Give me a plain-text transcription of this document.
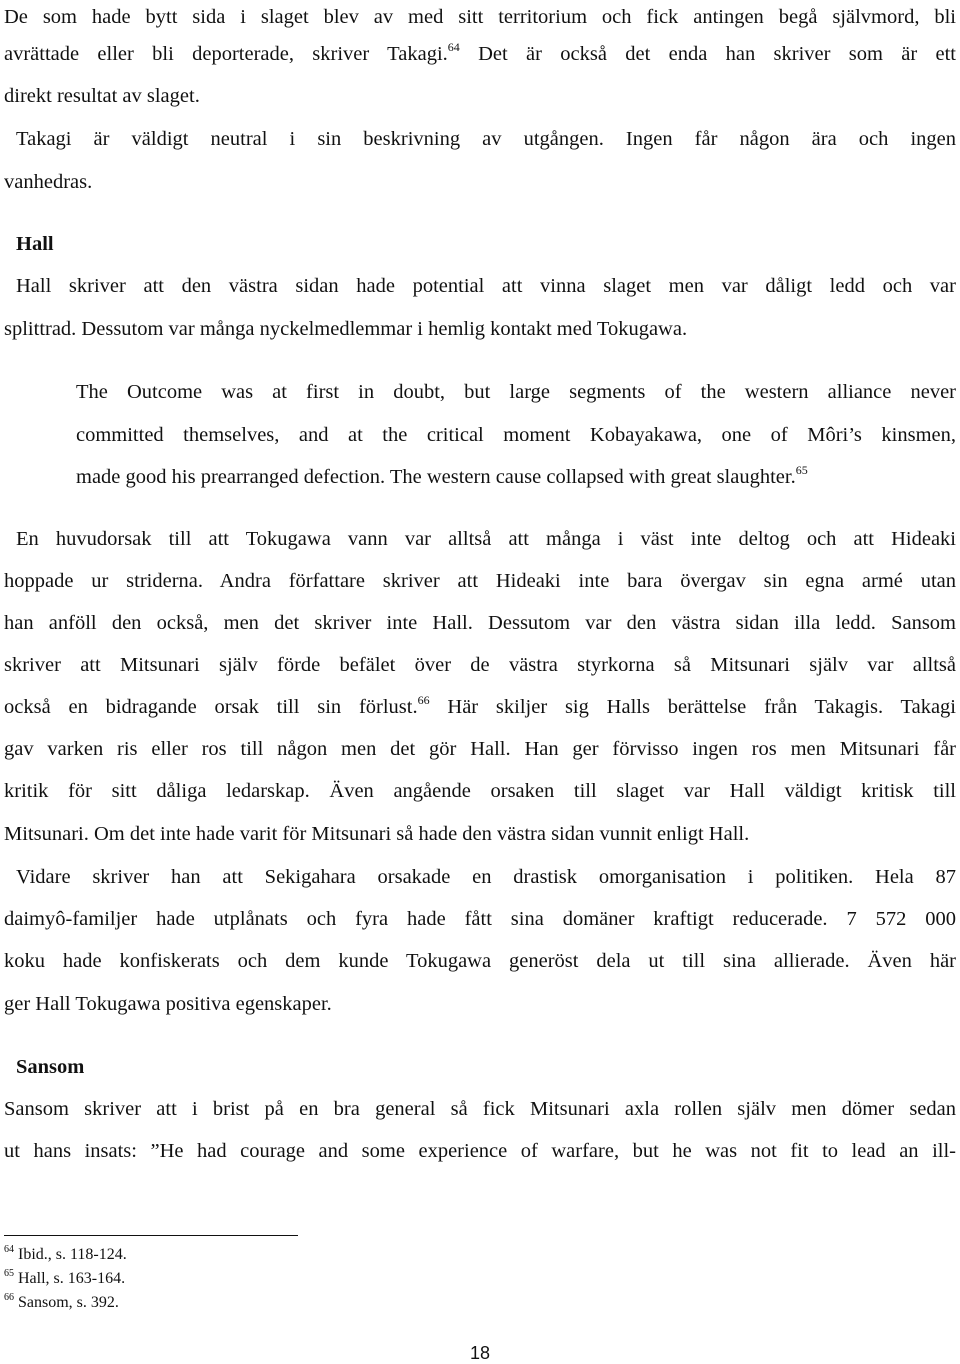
De som hade bytt sida i slaget blev av med sitt territorium och fick antingen begå självmord, bli
avrättade eller bli deporterade, skriver Takagi.$^{64}$ Det är också det enda han skriver som är ett
direkt resultat av slaget.
Takagi är väldigt neutral i sin beskrivning av utgången. Ingen får någon ära och ingen
vanhedras.
Hall
Hall skriver att den västra sidan hade potential att vinna slaget men var dåligt ledd och var
splittrad. Dessutom var många nyckelmedlemmar i hemlig kontakt med Tokugawa.
The Outcome was at first in doubt, but large segments of the western alliance never
committed themselves, and at the critical moment Kobayakawa, one of Môri’s kinsmen,
made good his prearranged defection. The western cause collapsed with great slaughter.$^{65}$
En huvudorsak till att Tokugawa vann var alltså att många i väst inte deltog och att Hideaki
hoppade ur striderna. Andra författare skriver att Hideaki inte bara övergav sin egna armé utan
han anföll den också, men det skriver inte Hall. Dessutom var den västra sidan illa ledd. Sansom
skriver att Mitsunari själv förde befälet över de västra styrkorna så Mitsunari själv var alltså
också en bidragande orsak till sin förlust.$^{66}$ Här skiljer sig Halls berättelse från Takagis. Takagi
gav varken ris eller ros till någon men det gör Hall. Han ger förvisso ingen ros men Mitsunari får
kritik för sitt dåliga ledarskap. Även angående orsaken till slaget var Hall väldigt kritisk till
Mitsunari. Om det inte hade varit för Mitsunari så hade den västra sidan vunnit enligt Hall.
Vidare skriver han att Sekigahara orsakade en drastisk omorganisation i politiken. Hela 87
daimyô-familjer hade utplånats och fyra hade fått sina domäner kraftigt reducerade. 7 572 000
koku hade konfiskerats och dem kunde Tokugawa generöst dela ut till sina allierade. Även här
ger Hall Tokugawa positiva egenskaper.
Sansom
Sansom skriver att i brist på en bra general så fick Mitsunari axla rollen själv men dömer sedan
ut hans insats: ”He had courage and some experience of warfare, but he was not fit to lead an ill-
$^{64}$ Ibid., s. 118-124.
$^{65}$ Hall, s. 163-164.
$^{66}$ Sansom, s. 392.
18
